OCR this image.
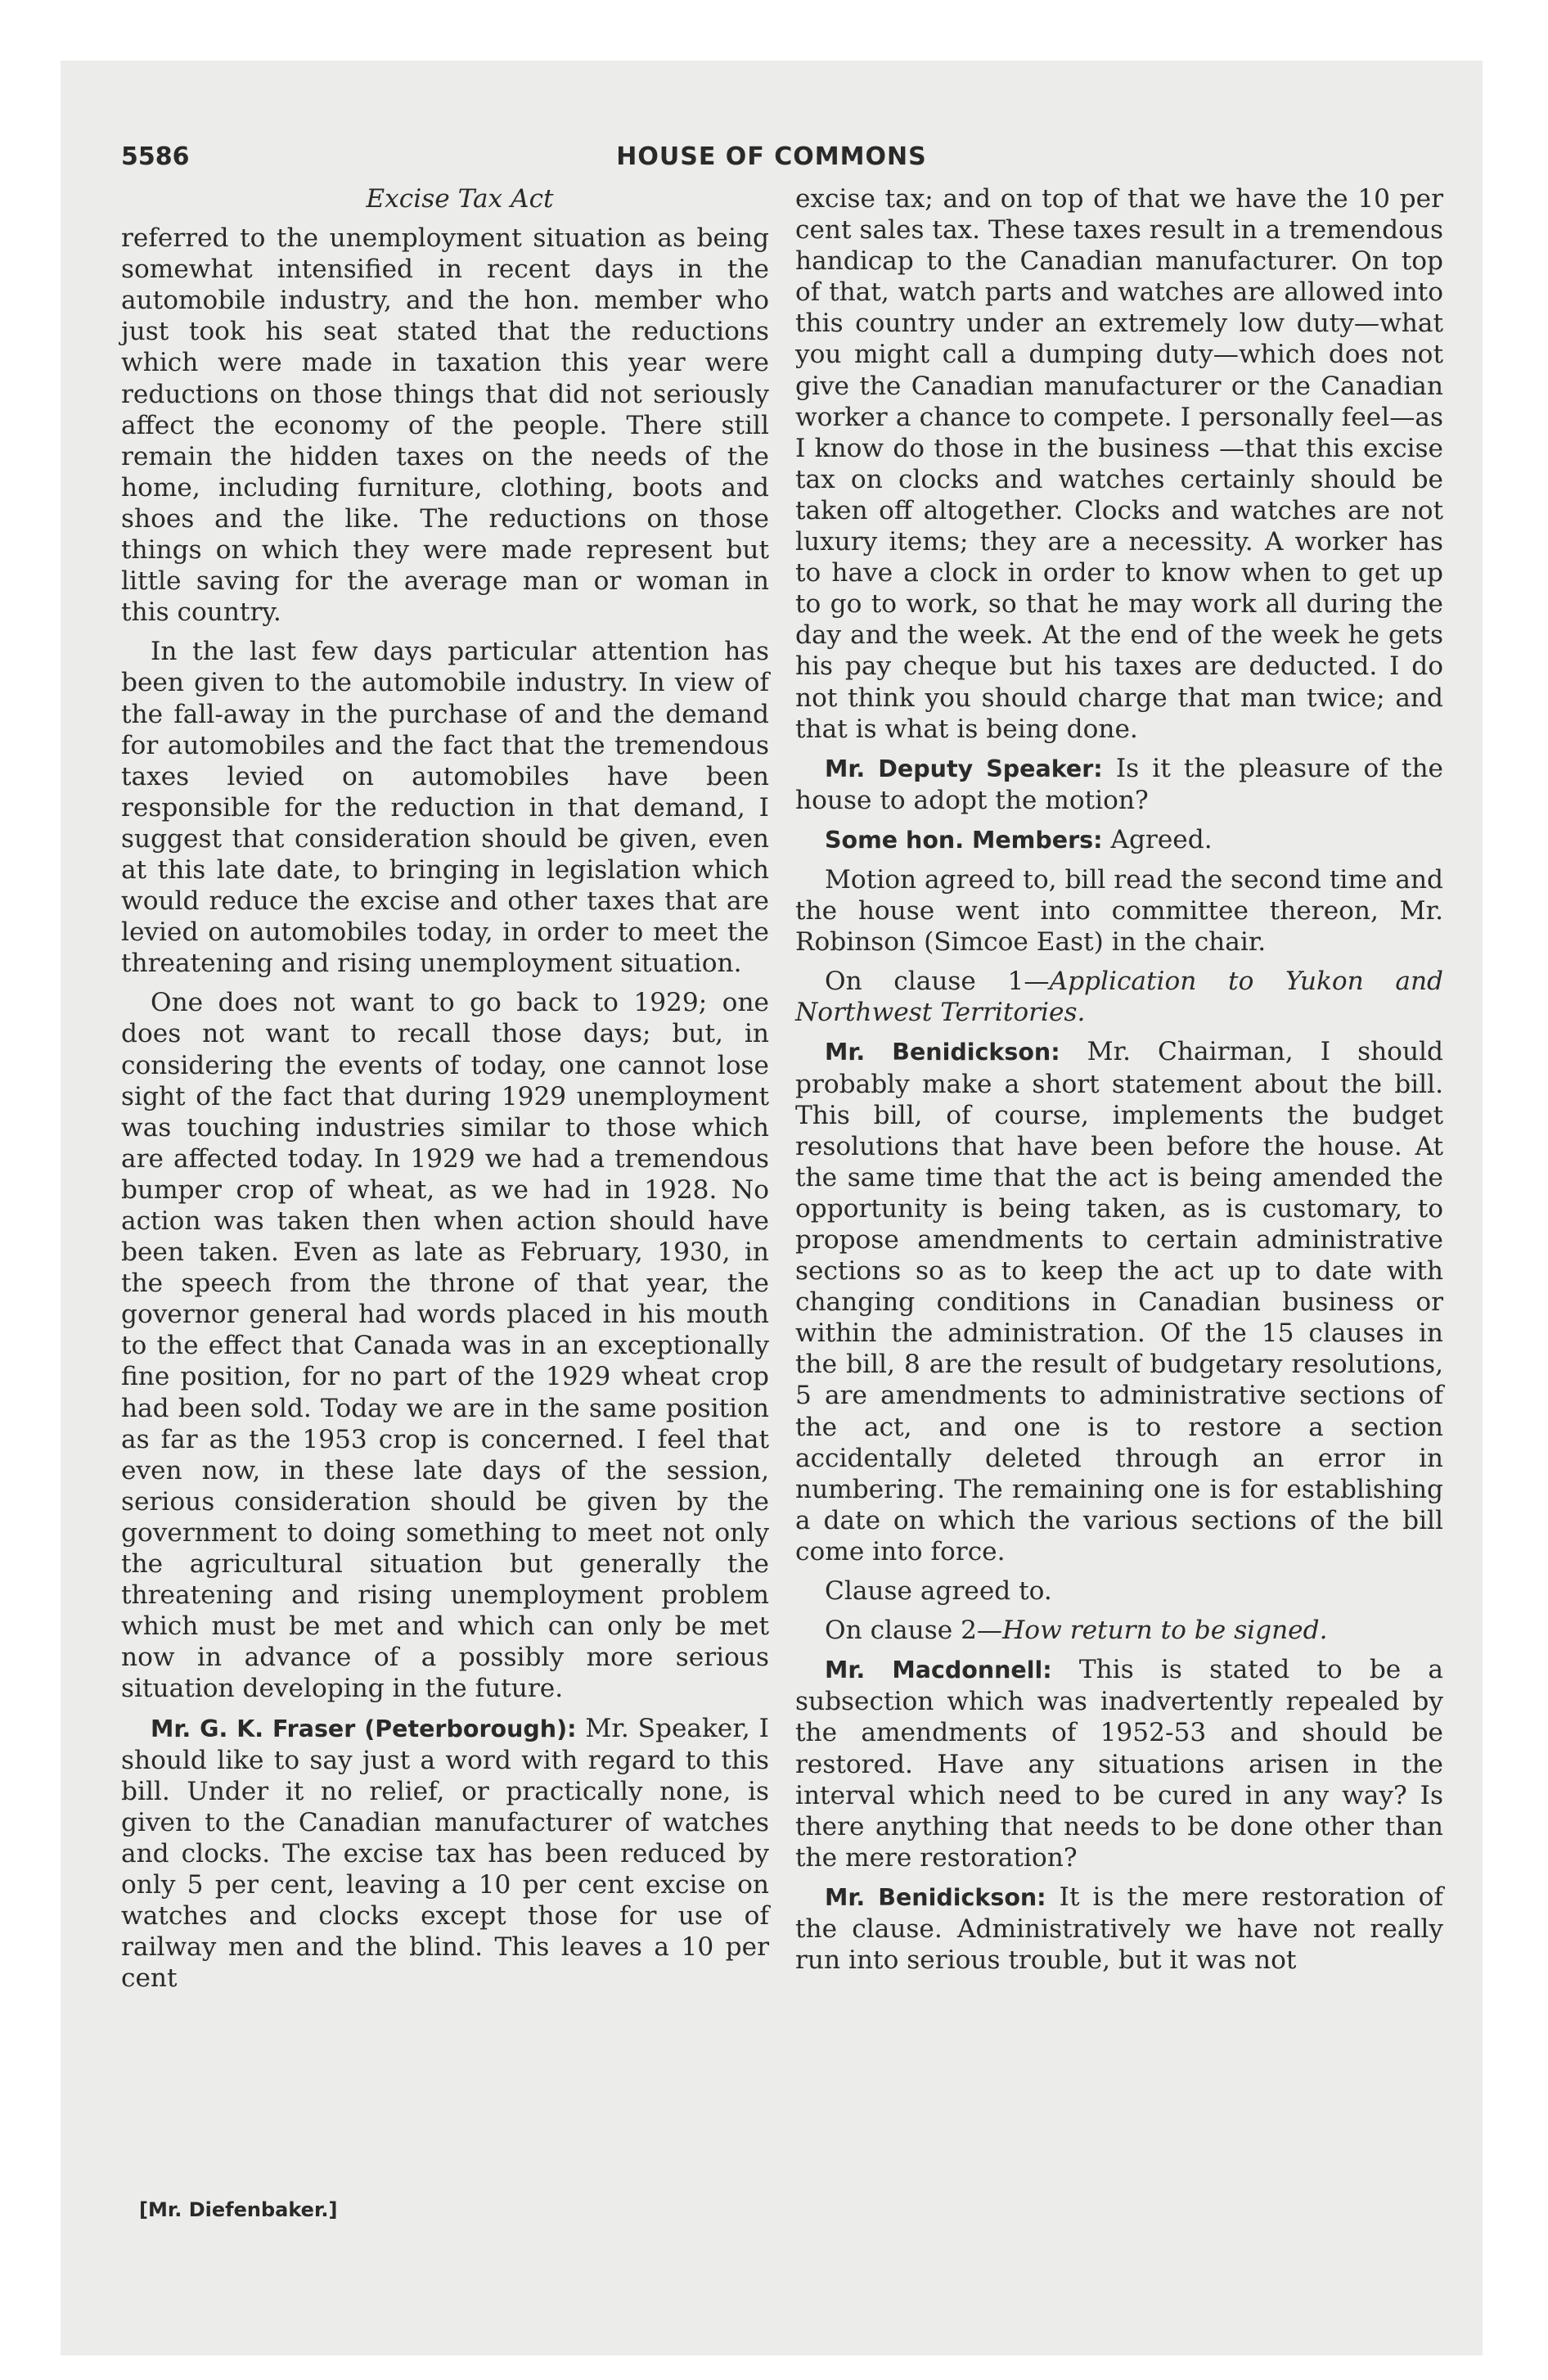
5586	HOUSE OF COMMONS

Excise Tax Act

referred to the unemployment situation as being somewhat intensified in recent days in the automobile industry, and the hon. member who just took his seat stated that the reductions which were made in taxation this year were reductions on those things that did not seriously affect the economy of the people. There still remain the hidden taxes on the needs of the home, including furniture, clothing, boots and shoes and the like. The reductions on those things on which they were made represent but little saving for the average man or woman in this country.

In the last few days particular attention has been given to the automobile industry. In view of the fall-away in the purchase of and the demand for automobiles and the fact that the tremendous taxes levied on automobiles have been responsible for the reduction in that demand, I suggest that consideration should be given, even at this late date, to bringing in legislation which would reduce the excise and other taxes that are levied on automobiles today, in order to meet the threatening and rising unemployment situation.

One does not want to go back to 1929; one does not want to recall those days; but, in considering the events of today, one cannot lose sight of the fact that during 1929 unemployment was touching industries similar to those which are affected today. In 1929 we had a tremendous bumper crop of wheat, as we had in 1928. No action was taken then when action should have been taken. Even as late as February, 1930, in the speech from the throne of that year, the governor general had words placed in his mouth to the effect that Canada was in an exceptionally fine position, for no part of the 1929 wheat crop had been sold. Today we are in the same position as far as the 1953 crop is concerned. I feel that even now, in these late days of the session, serious consideration should be given by the government to doing something to meet not only the agricultural situation but generally the threatening and rising unemployment problem which must be met and which can only be met now in advance of a possibly more serious situation developing in the future.

Mr. G. K. Fraser (Peterborough): Mr. Speaker, I should like to say just a word with regard to this bill. Under it no relief, or practically none, is given to the Canadian manufacturer of watches and clocks. The excise tax has been reduced by only 5 per cent, leaving a 10 per cent excise on watches and clocks except those for use of railway men and the blind. This leaves a 10 per cent

excise tax; and on top of that we have the 10 per cent sales tax. These taxes result in a tremendous handicap to the Canadian manufacturer. On top of that, watch parts and watches are allowed into this country under an extremely low duty—what you might call a dumping duty—which does not give the Canadian manufacturer or the Canadian worker a chance to compete. I personally feel—as I know do those in the business —that this excise tax on clocks and watches certainly should be taken off altogether. Clocks and watches are not luxury items; they are a necessity. A worker has to have a clock in order to know when to get up to go to work, so that he may work all during the day and the week. At the end of the week he gets his pay cheque but his taxes are deducted. I do not think you should charge that man twice; and that is what is being done.

Mr. Deputy Speaker: Is it the pleasure of the house to adopt the motion?

Some hon. Members: Agreed.

Motion agreed to, bill read the second time and the house went into committee thereon, Mr. Robinson (Simcoe East) in the chair.

On clause 1—Application to Yukon and Northwest Territories.

Mr. Benidickson: Mr. Chairman, I should probably make a short statement about the bill. This bill, of course, implements the budget resolutions that have been before the house. At the same time that the act is being amended the opportunity is being taken, as is customary, to propose amendments to certain administrative sections so as to keep the act up to date with changing conditions in Canadian business or within the administration. Of the 15 clauses in the bill, 8 are the result of budgetary resolutions, 5 are amendments to administrative sections of the act, and one is to restore a section accidentally deleted through an error in numbering. The remaining one is for establishing a date on which the various sections of the bill come into force.

Clause agreed to.

On clause 2—How return to be signed.

Mr. Macdonnell: This is stated to be a subsection which was inadvertently repealed by the amendments of 1952-53 and should be restored. Have any situations arisen in the interval which need to be cured in any way? Is there anything that needs to be done other than the mere restoration?

Mr. Benidickson: It is the mere restoration of the clause. Administratively we have not really run into serious trouble, but it was not

[Mr. Diefenbaker.]
